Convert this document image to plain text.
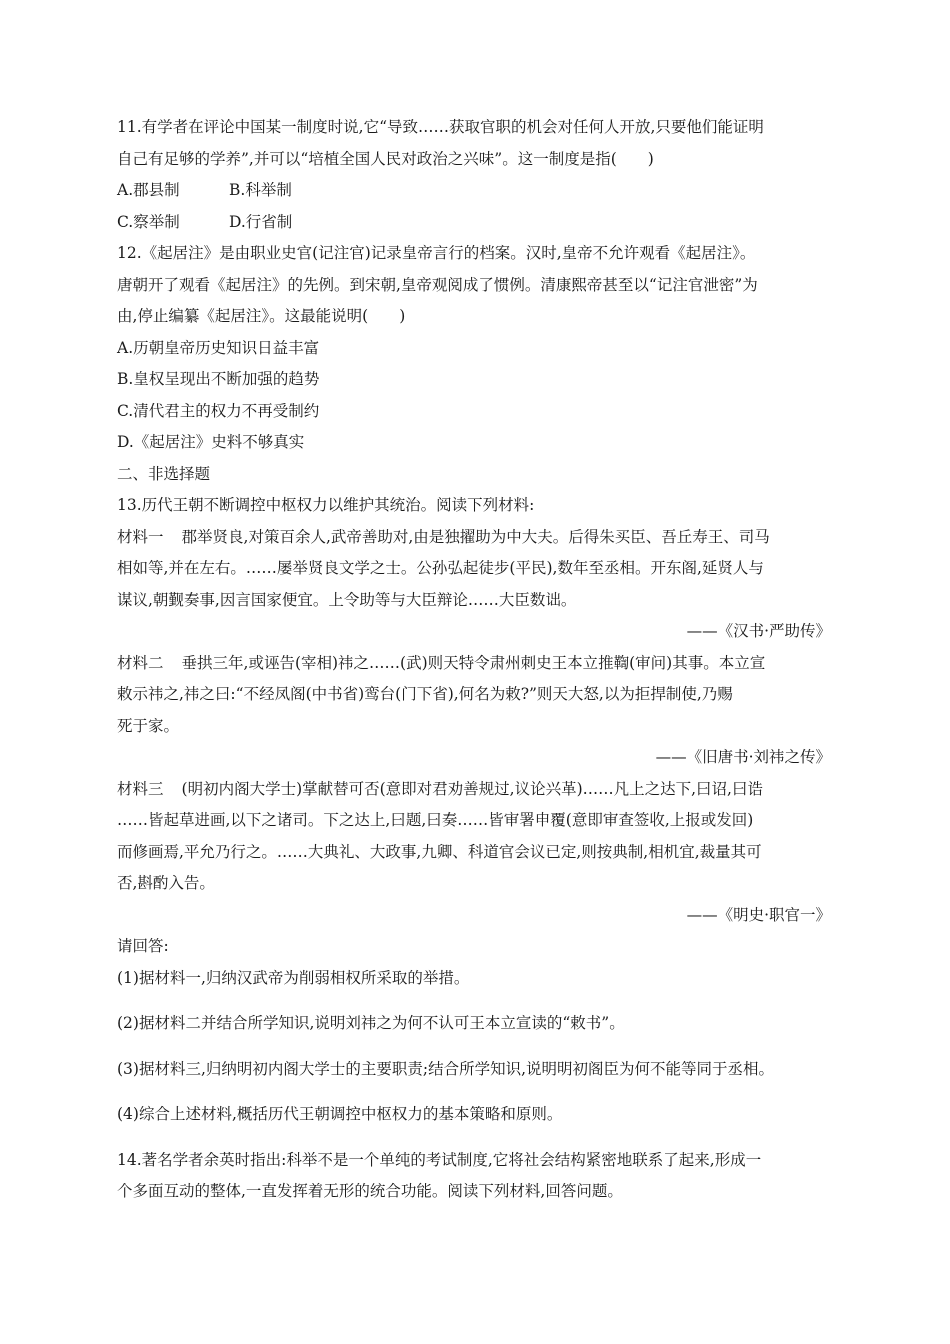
11.有学者在评论中国某一制度时说,它“导致……获取官职的机会对任何人开放,只要他们能证明

自己有足够的学养”,并可以“培植全国人民对政治之兴味”。这一制度是指(　　)

A.郡县制	B.科举制
C.察举制	D.行省制

12.《起居注》是由职业史官(记注官)记录皇帝言行的档案。汉时,皇帝不允许观看《起居注》。

唐朝开了观看《起居注》的先例。到宋朝,皇帝观阅成了惯例。清康熙帝甚至以“记注官泄密”为

由,停止编纂《起居注》。这最能说明(　　)

A.历朝皇帝历史知识日益丰富

B.皇权呈现出不断加强的趋势

C.清代君主的权力不再受制约

D.《起居注》史料不够真实

二、非选择题

13.历代王朝不断调控中枢权力以维护其统治。阅读下列材料:

材料一 郡举贤良,对策百余人,武帝善助对,由是独擢助为中大夫。后得朱买臣、吾丘寿王、司马

相如等,并在左右。……屡举贤良文学之士。公孙弘起徒步(平民),数年至丞相。开东阁,延贤人与

谋议,朝觐奏事,因言国家便宜。上令助等与大臣辩论……大臣数诎。

——《汉书·严助传》

材料二 垂拱三年,或诬告(宰相)祎之……(武)则天特令肃州刺史王本立推鞫(审问)其事。本立宣

敕示祎之,祎之曰:“不经凤阁(中书省)鸾台(门下省),何名为敕?”则天大怒,以为拒捍制使,乃赐

死于家。

——《旧唐书·刘祎之传》

材料三 (明初内阁大学士)掌献替可否(意即对君劝善规过,议论兴革)……凡上之达下,曰诏,曰诰

……皆起草进画,以下之诸司。下之达上,曰题,曰奏……皆审署申覆(意即审查签收,上报或发回)

而修画焉,平允乃行之。……大典礼、大政事,九卿、科道官会议已定,则按典制,相机宜,裁量其可

否,斟酌入告。

——《明史·职官一》

请回答:

(1)据材料一,归纳汉武帝为削弱相权所采取的举措。

(2)据材料二并结合所学知识,说明刘祎之为何不认可王本立宣读的“敕书”。

(3)据材料三,归纳明初内阁大学士的主要职责;结合所学知识,说明明初阁臣为何不能等同于丞相。

(4)综合上述材料,概括历代王朝调控中枢权力的基本策略和原则。

14.著名学者余英时指出:科举不是一个单纯的考试制度,它将社会结构紧密地联系了起来,形成一

个多面互动的整体,一直发挥着无形的统合功能。阅读下列材料,回答问题。
